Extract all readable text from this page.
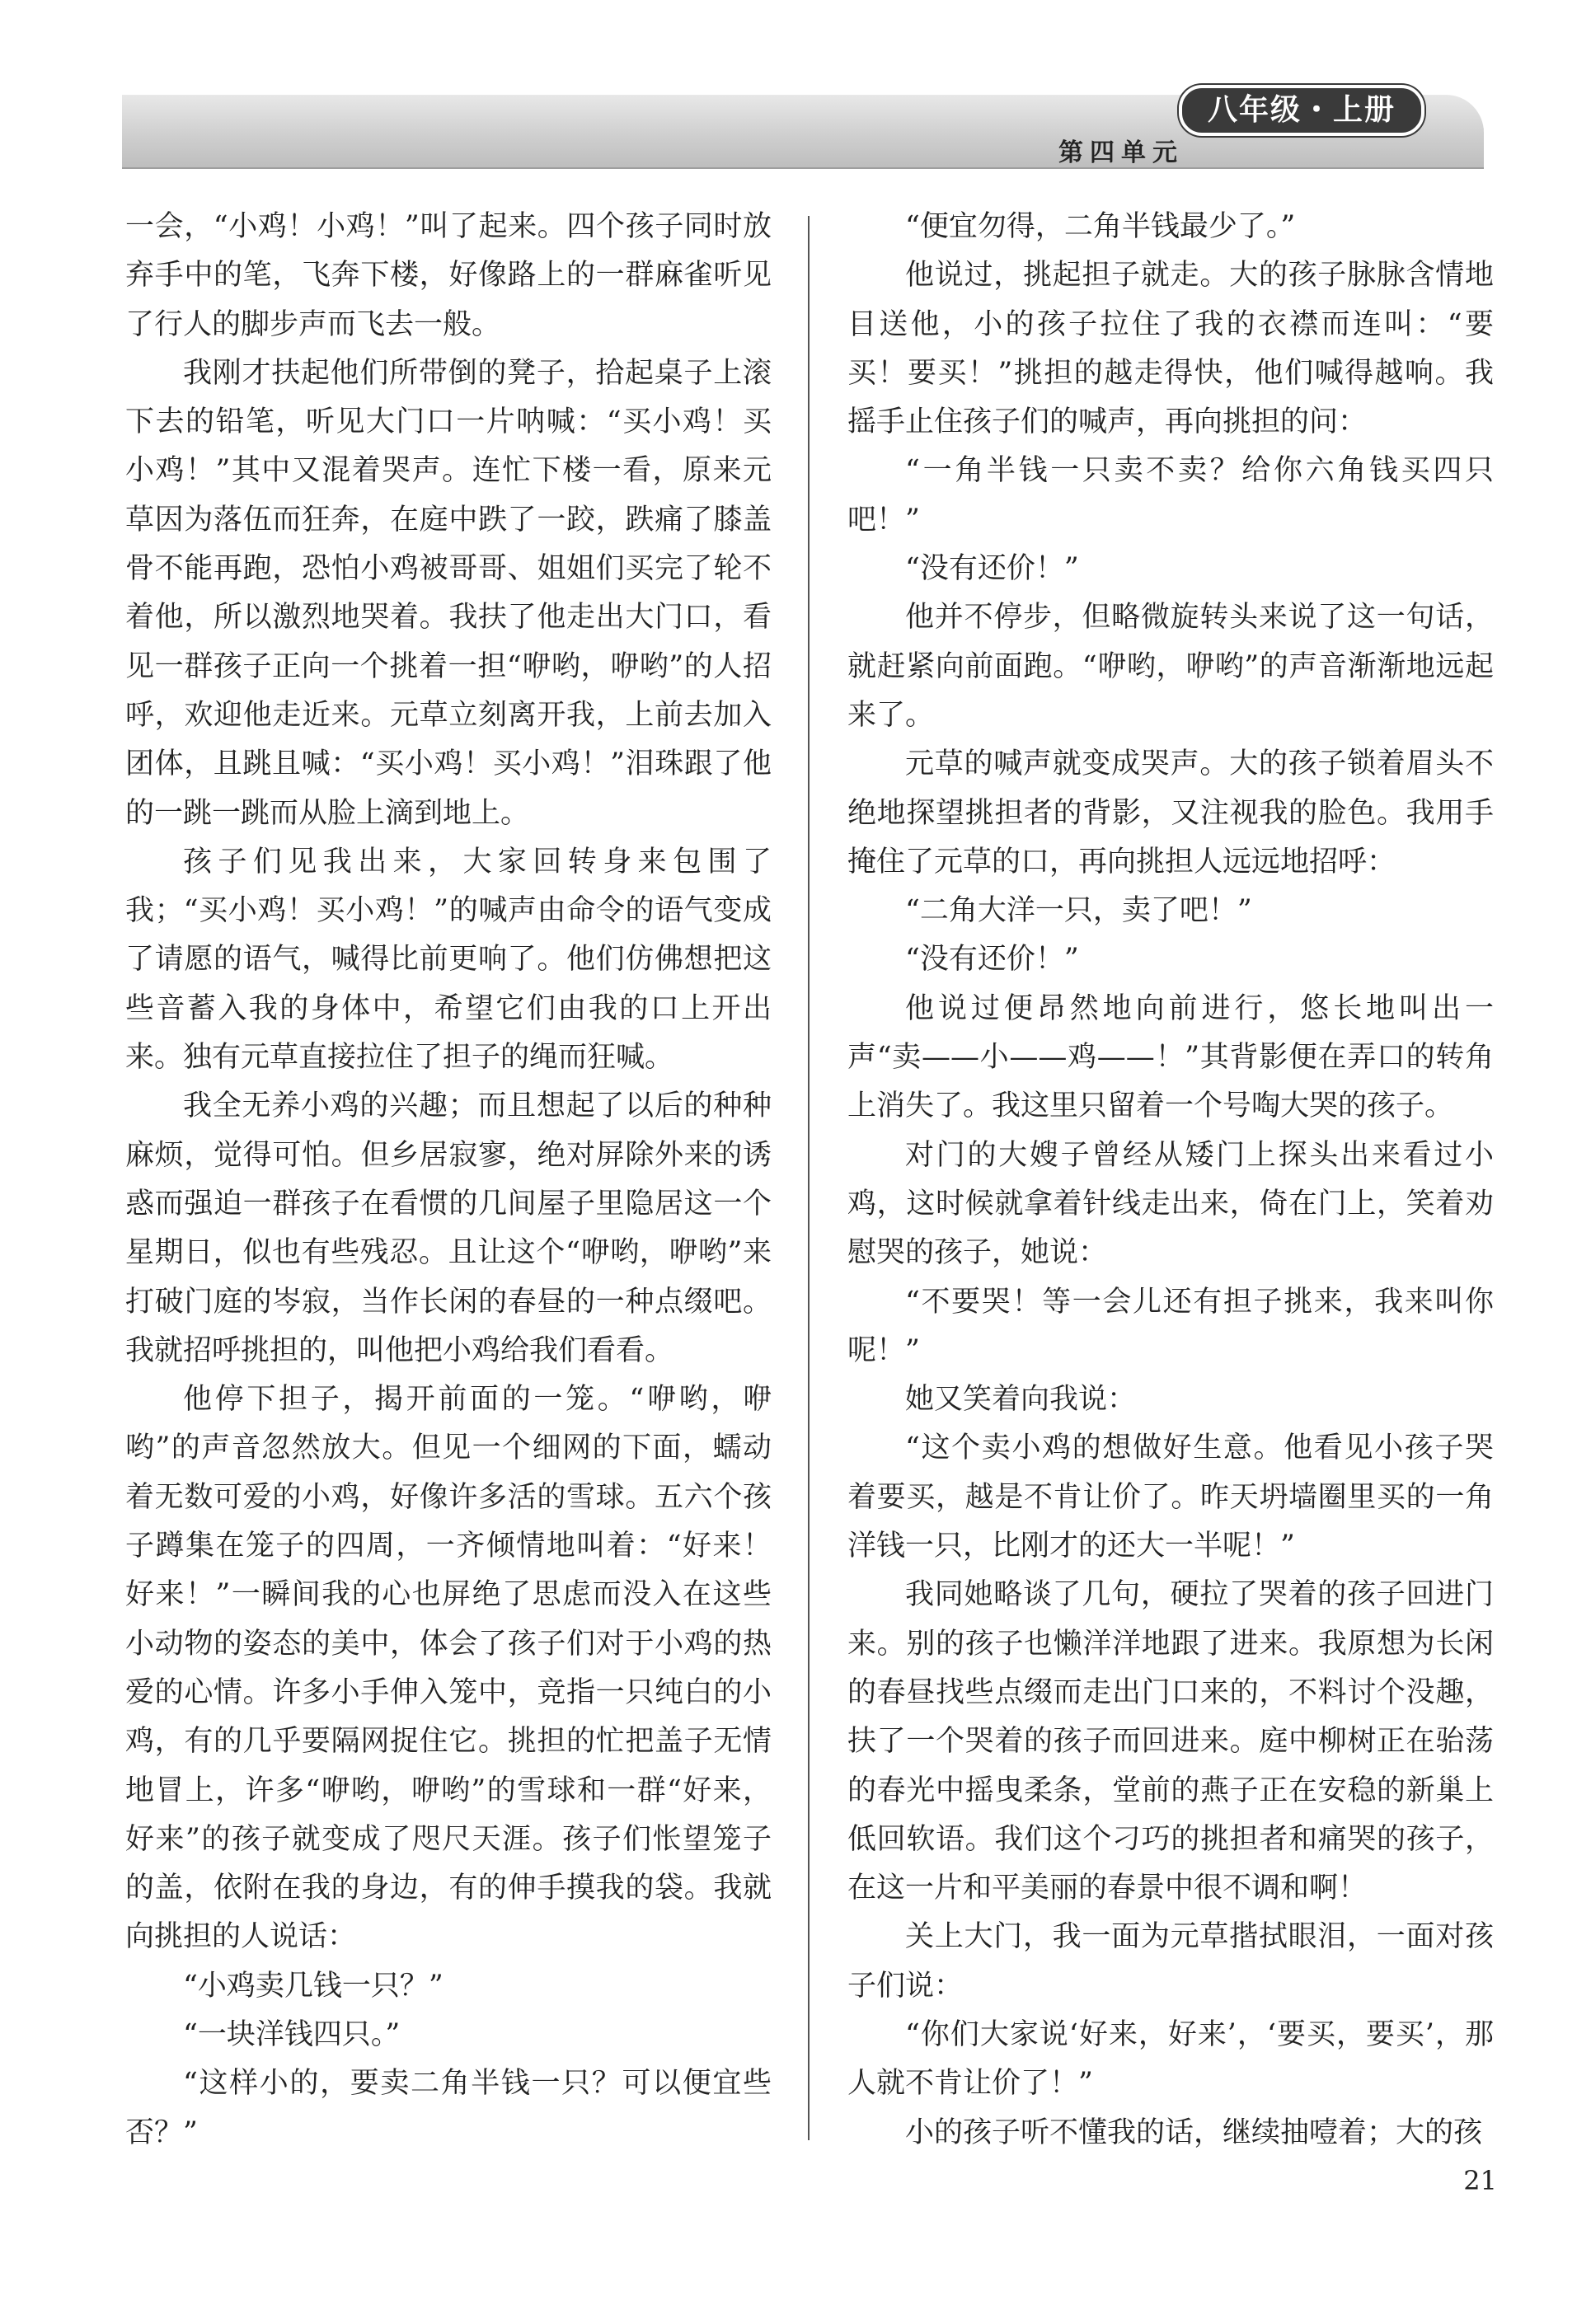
八年级・上册
第四单元

一会，“小鸡！小鸡！”叫了起来。四个孩子同时放弃手中的笔，飞奔下楼，好像路上的一群麻雀听见了行人的脚步声而飞去一般。

我刚才扶起他们所带倒的凳子，拾起桌子上滚下去的铅笔，听见大门口一片呐喊：“买小鸡！买小鸡！”其中又混着哭声。连忙下楼一看，原来元草因为落伍而狂奔，在庭中跌了一跤，跌痛了膝盖骨不能再跑，恐怕小鸡被哥哥、姐姐们买完了轮不着他，所以激烈地哭着。我扶了他走出大门口，看见一群孩子正向一个挑着一担“咿哟，咿哟”的人招呼，欢迎他走近来。元草立刻离开我，上前去加入团体，且跳且喊：“买小鸡！买小鸡！”泪珠跟了他的一跳一跳而从脸上滴到地上。

孩子们见我出来，大家回转身来包围了我；“买小鸡！买小鸡！”的喊声由命令的语气变成了请愿的语气，喊得比前更响了。他们仿佛想把这些音蓄入我的身体中，希望它们由我的口上开出来。独有元草直接拉住了担子的绳而狂喊。

我全无养小鸡的兴趣；而且想起了以后的种种麻烦，觉得可怕。但乡居寂寥，绝对屏除外来的诱惑而强迫一群孩子在看惯的几间屋子里隐居这一个星期日，似也有些残忍。且让这个“咿哟，咿哟”来打破门庭的岑寂，当作长闲的春昼的一种点缀吧。我就招呼挑担的，叫他把小鸡给我们看看。

他停下担子，揭开前面的一笼。“咿哟，咿哟”的声音忽然放大。但见一个细网的下面，蠕动着无数可爱的小鸡，好像许多活的雪球。五六个孩子蹲集在笼子的四周，一齐倾情地叫着：“好来！好来！”一瞬间我的心也屏绝了思虑而没入在这些小动物的姿态的美中，体会了孩子们对于小鸡的热爱的心情。许多小手伸入笼中，竞指一只纯白的小鸡，有的几乎要隔网捉住它。挑担的忙把盖子无情地冒上，许多“咿哟，咿哟”的雪球和一群“好来，好来”的孩子就变成了咫尺天涯。孩子们怅望笼子的盖，依附在我的身边，有的伸手摸我的袋。我就向挑担的人说话：

“小鸡卖几钱一只？”

“一块洋钱四只。”

“这样小的，要卖二角半钱一只？可以便宜些否？”

“便宜勿得，二角半钱最少了。”

他说过，挑起担子就走。大的孩子脉脉含情地目送他，小的孩子拉住了我的衣襟而连叫：“要买！要买！”挑担的越走得快，他们喊得越响。我摇手止住孩子们的喊声，再向挑担的问：

“一角半钱一只卖不卖？给你六角钱买四只吧！”

“没有还价！”

他并不停步，但略微旋转头来说了这一句话，就赶紧向前面跑。“咿哟，咿哟”的声音渐渐地远起来了。

元草的喊声就变成哭声。大的孩子锁着眉头不绝地探望挑担者的背影，又注视我的脸色。我用手掩住了元草的口，再向挑担人远远地招呼：

“二角大洋一只，卖了吧！”

“没有还价！”

他说过便昂然地向前进行，悠长地叫出一声“卖——小——鸡——！”其背影便在弄口的转角上消失了。我这里只留着一个号啕大哭的孩子。

对门的大嫂子曾经从矮门上探头出来看过小鸡，这时候就拿着针线走出来，倚在门上，笑着劝慰哭的孩子，她说：

“不要哭！等一会儿还有担子挑来，我来叫你呢！”

她又笑着向我说：

“这个卖小鸡的想做好生意。他看见小孩子哭着要买，越是不肯让价了。昨天坍墙圈里买的一角洋钱一只，比刚才的还大一半呢！”

我同她略谈了几句，硬拉了哭着的孩子回进门来。别的孩子也懒洋洋地跟了进来。我原想为长闲的春昼找些点缀而走出门口来的，不料讨个没趣，扶了一个哭着的孩子而回进来。庭中柳树正在骀荡的春光中摇曳柔条，堂前的燕子正在安稳的新巢上低回软语。我们这个刁巧的挑担者和痛哭的孩子，在这一片和平美丽的春景中很不调和啊！

关上大门，我一面为元草揩拭眼泪，一面对孩子们说：

“你们大家说‘好来，好来’，‘要买，要买’，那人就不肯让价了！”

小的孩子听不懂我的话，继续抽噎着；大的孩

21
